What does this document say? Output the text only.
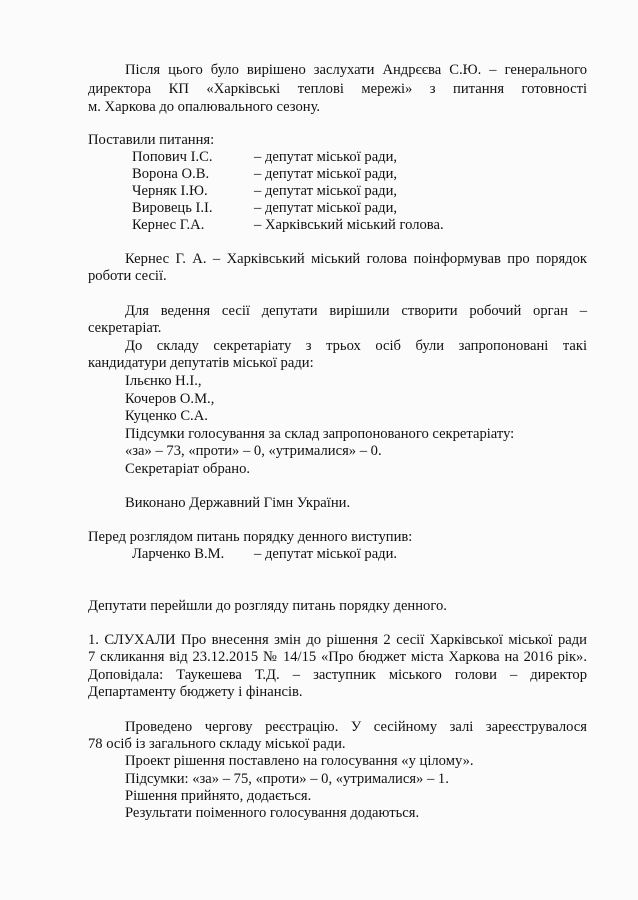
Після цього було вирішено заслухати Андрєєва С.Ю. – генерального
директора КП «Харківські теплові мережі» з питання готовності
м. Харкова до опалювального сезону.
Поставили питання:
Попович І.С.	– депутат міської ради,
Ворона О.В.	– депутат міської ради,
Черняк І.Ю.	– депутат міської ради,
Вировець І.І.	– депутат міської ради,
Кернес Г.А.	– Харківський міський голова.
Кернес Г. А. – Харківський міський голова поінформував про порядок
роботи сесії.
Для ведення сесії депутати вирішили створити робочий орган –
секретаріат.
До складу секретаріату з трьох осіб були запропоновані такі
кандидатури депутатів міської ради:
Ільєнко Н.І.,
Кочеров О.М.,
Куценко С.А.
Підсумки голосування за склад запропонованого секретаріату:
«за» – 73, «проти» – 0, «утрималися» – 0.
Секретаріат обрано.
Виконано Державний Гімн України.
Перед розглядом питань порядку денного виступив:
Ларченко В.М. – депутат міської ради.
Депутати перейшли до розгляду питань порядку денного.
1. СЛУХАЛИ Про внесення змін до рішення 2 сесії Харківської міської ради
7 скликання від 23.12.2015 № 14/15 «Про бюджет міста Харкова на 2016 рік».
Доповідала: Таукешева Т.Д. – заступник міського голови – директор
Департаменту бюджету і фінансів.
Проведено чергову реєстрацію. У сесійному залі зареєструвалося
78 осіб із загального складу міської ради.
Проект рішення поставлено на голосування «у цілому».
Підсумки: «за» – 75, «проти» – 0, «утрималися» – 1.
Рішення прийнято, додається.
Результати поіменного голосування додаються.
